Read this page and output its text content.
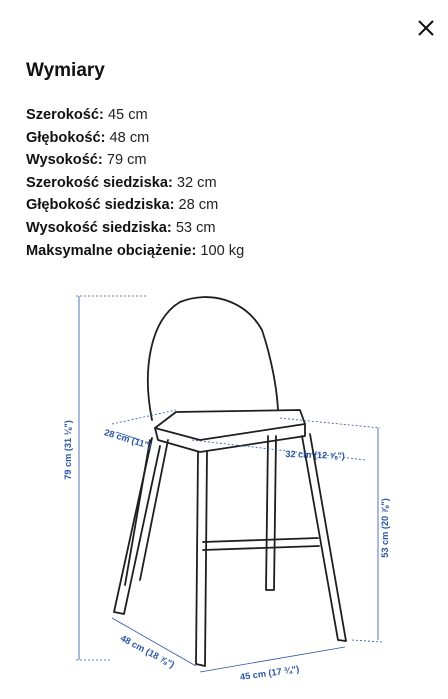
Wymiary
Szerokość: 45 cm
Głębokość: 48 cm
Wysokość: 79 cm
Szerokość siedziska: 32 cm
Głębokość siedziska: 28 cm
Wysokość siedziska: 53 cm
Maksymalne obciążenie: 100 kg
79 cm (31 ⅛")	28 cm (11")
32 cm (12 ⅝")
53 cm (20 ⅞")
48 cm (18 ⅞")
45 cm (17 ¾")
